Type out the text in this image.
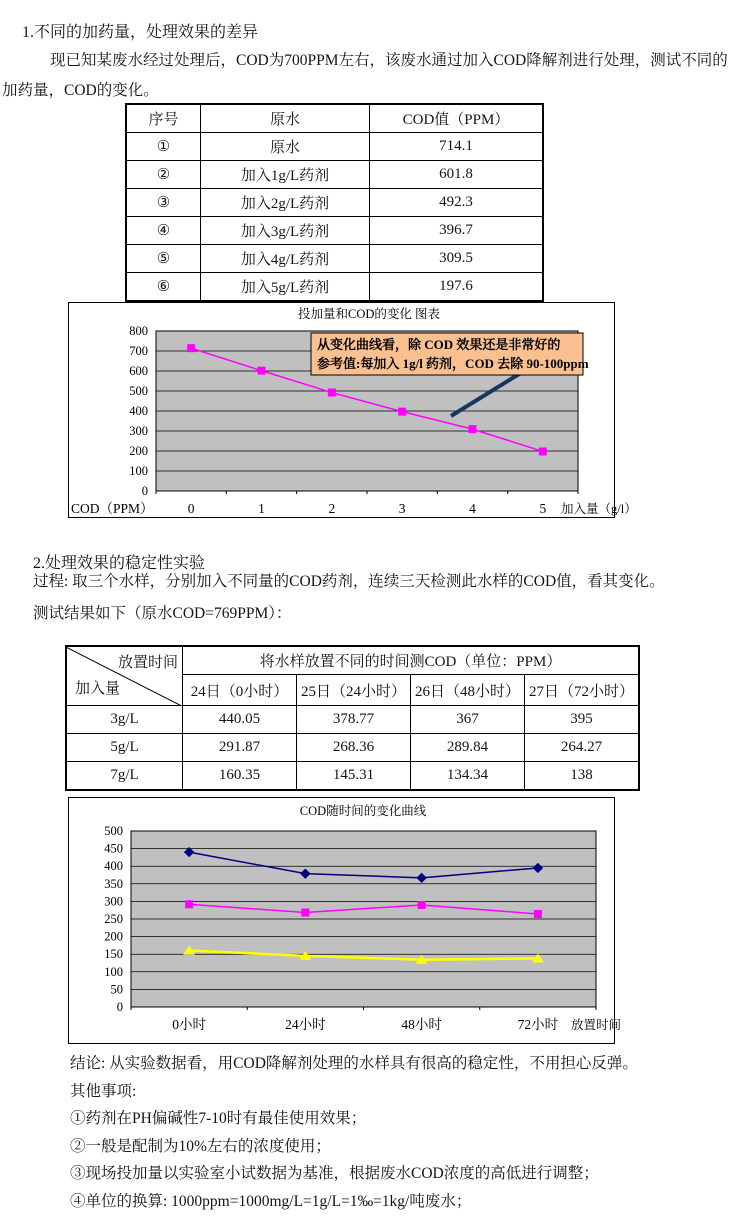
1.不同的加药量，处理效果的差异
现已知某废水经过处理后，COD为700PPM左右，该废水通过加入COD降解剂进行处理，测试不同的加药量，COD的变化。
序号	原水	COD值（PPM）
①	原水	714.1
②	加入1g/L药剂	601.8
③	加入2g/L药剂	492.3
④	加入3g/L药剂	396.7
⑤	加入4g/L药剂	309.5
⑥	加入5g/L药剂	197.6
投加量和COD的变化 图表
0
100
200
300
400
500
600
700
800
0	1	2	3	4	5
COD（PPM）	加入量（g/l）
从变化曲线看，除 COD 效果还是非常好的
参考值:每加入 1g/l 药剂，COD 去除 90-100ppm
2.处理效果的稳定性实验
过程: 取三个水样，分别加入不同量的COD药剂，连续三天检测此水样的COD值，看其变化。
测试结果如下（原水COD=769PPM）：
放置时间
加入量	将水样放置不同的时间测COD（单位：PPM）			
	24日（0小时）	25日（24小时）	26日（48小时）	27日（72小时）
3g/L	440.05	378.77	367	395
5g/L	291.87	268.36	289.84	264.27
7g/L	160.35	145.31	134.34	138
COD随时间的变化曲线
0
50
100
150
200
250
300
350
400
450
500
0小时	24小时	48小时	72小时 放置时间
结论: 从实验数据看，用COD降解剂处理的水样具有很高的稳定性，不用担心反弹。
其他事项:
①药剂在PH偏碱性7-10时有最佳使用效果；
②一般是配制为10%左右的浓度使用；
③现场投加量以实验室小试数据为基准，根据废水COD浓度的高低进行调整；
④单位的换算: 1000ppm=1000mg/L=1g/L=1‰=1kg/吨废水；
